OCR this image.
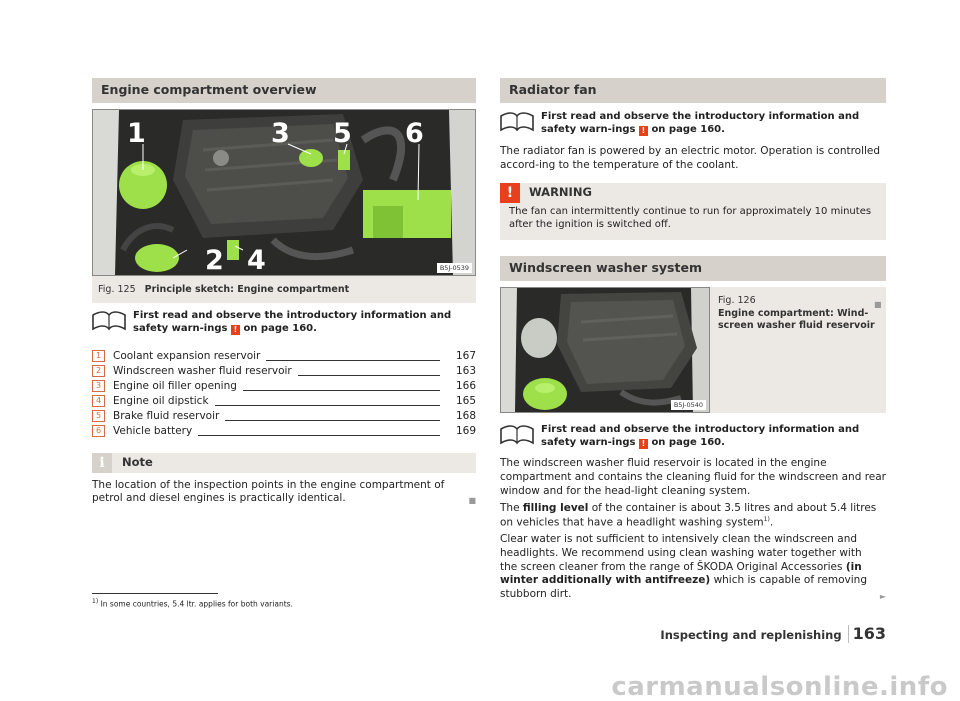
Engine compartment overview
1	3 5 6
2 4	B5J-0539
Fig. 125 Principle sketch: Engine compartment
First read and observe the introductory information and safety warn-ings ! on page 160.
1	Coolant expansion reservoir	167
2	Windscreen washer fluid reservoir	163
3	Engine oil filler opening	166
4	Engine oil dipstick	165
5	Brake fluid reservoir	168
6	Vehicle battery	169
i	Note

The location of the inspection points in the engine compartment of petrol and diesel engines is practically identical.	■

Radiator fan
First read and observe the introductory information and safety warn-ings ! on page 160.

The radiator fan is powered by an electric motor. Operation is controlled accord-ing to the temperature of the coolant.

!	WARNING
The fan can intermittently continue to run for approximately 10 minutes after the ignition is switched off.
■
Windscreen washer system
B5J-0540
Fig. 126
Engine compartment: Wind-screen washer fluid reservoir
First read and observe the introductory information and safety warn-ings ! on page 160.

The windscreen washer fluid reservoir is located in the engine compartment and contains the cleaning fluid for the windscreen and rear window and for the head-light cleaning system.

The filling level of the container is about 3.5 litres and about 5.4 litres on vehicles that have a headlight washing system$^{1)}$.

Clear water is not sufficient to intensively clean the windscreen and headlights. We recommend using clean washing water together with the screen cleaner from the range of ŠKODA Original Accessories (in winter additionally with antifreeze) which is capable of removing stubborn dirt.	►

$^{1)}$ In some countries, 5.4 ltr. applies for both variants.
Inspecting and replenishing 163
carmanualsonline.info
